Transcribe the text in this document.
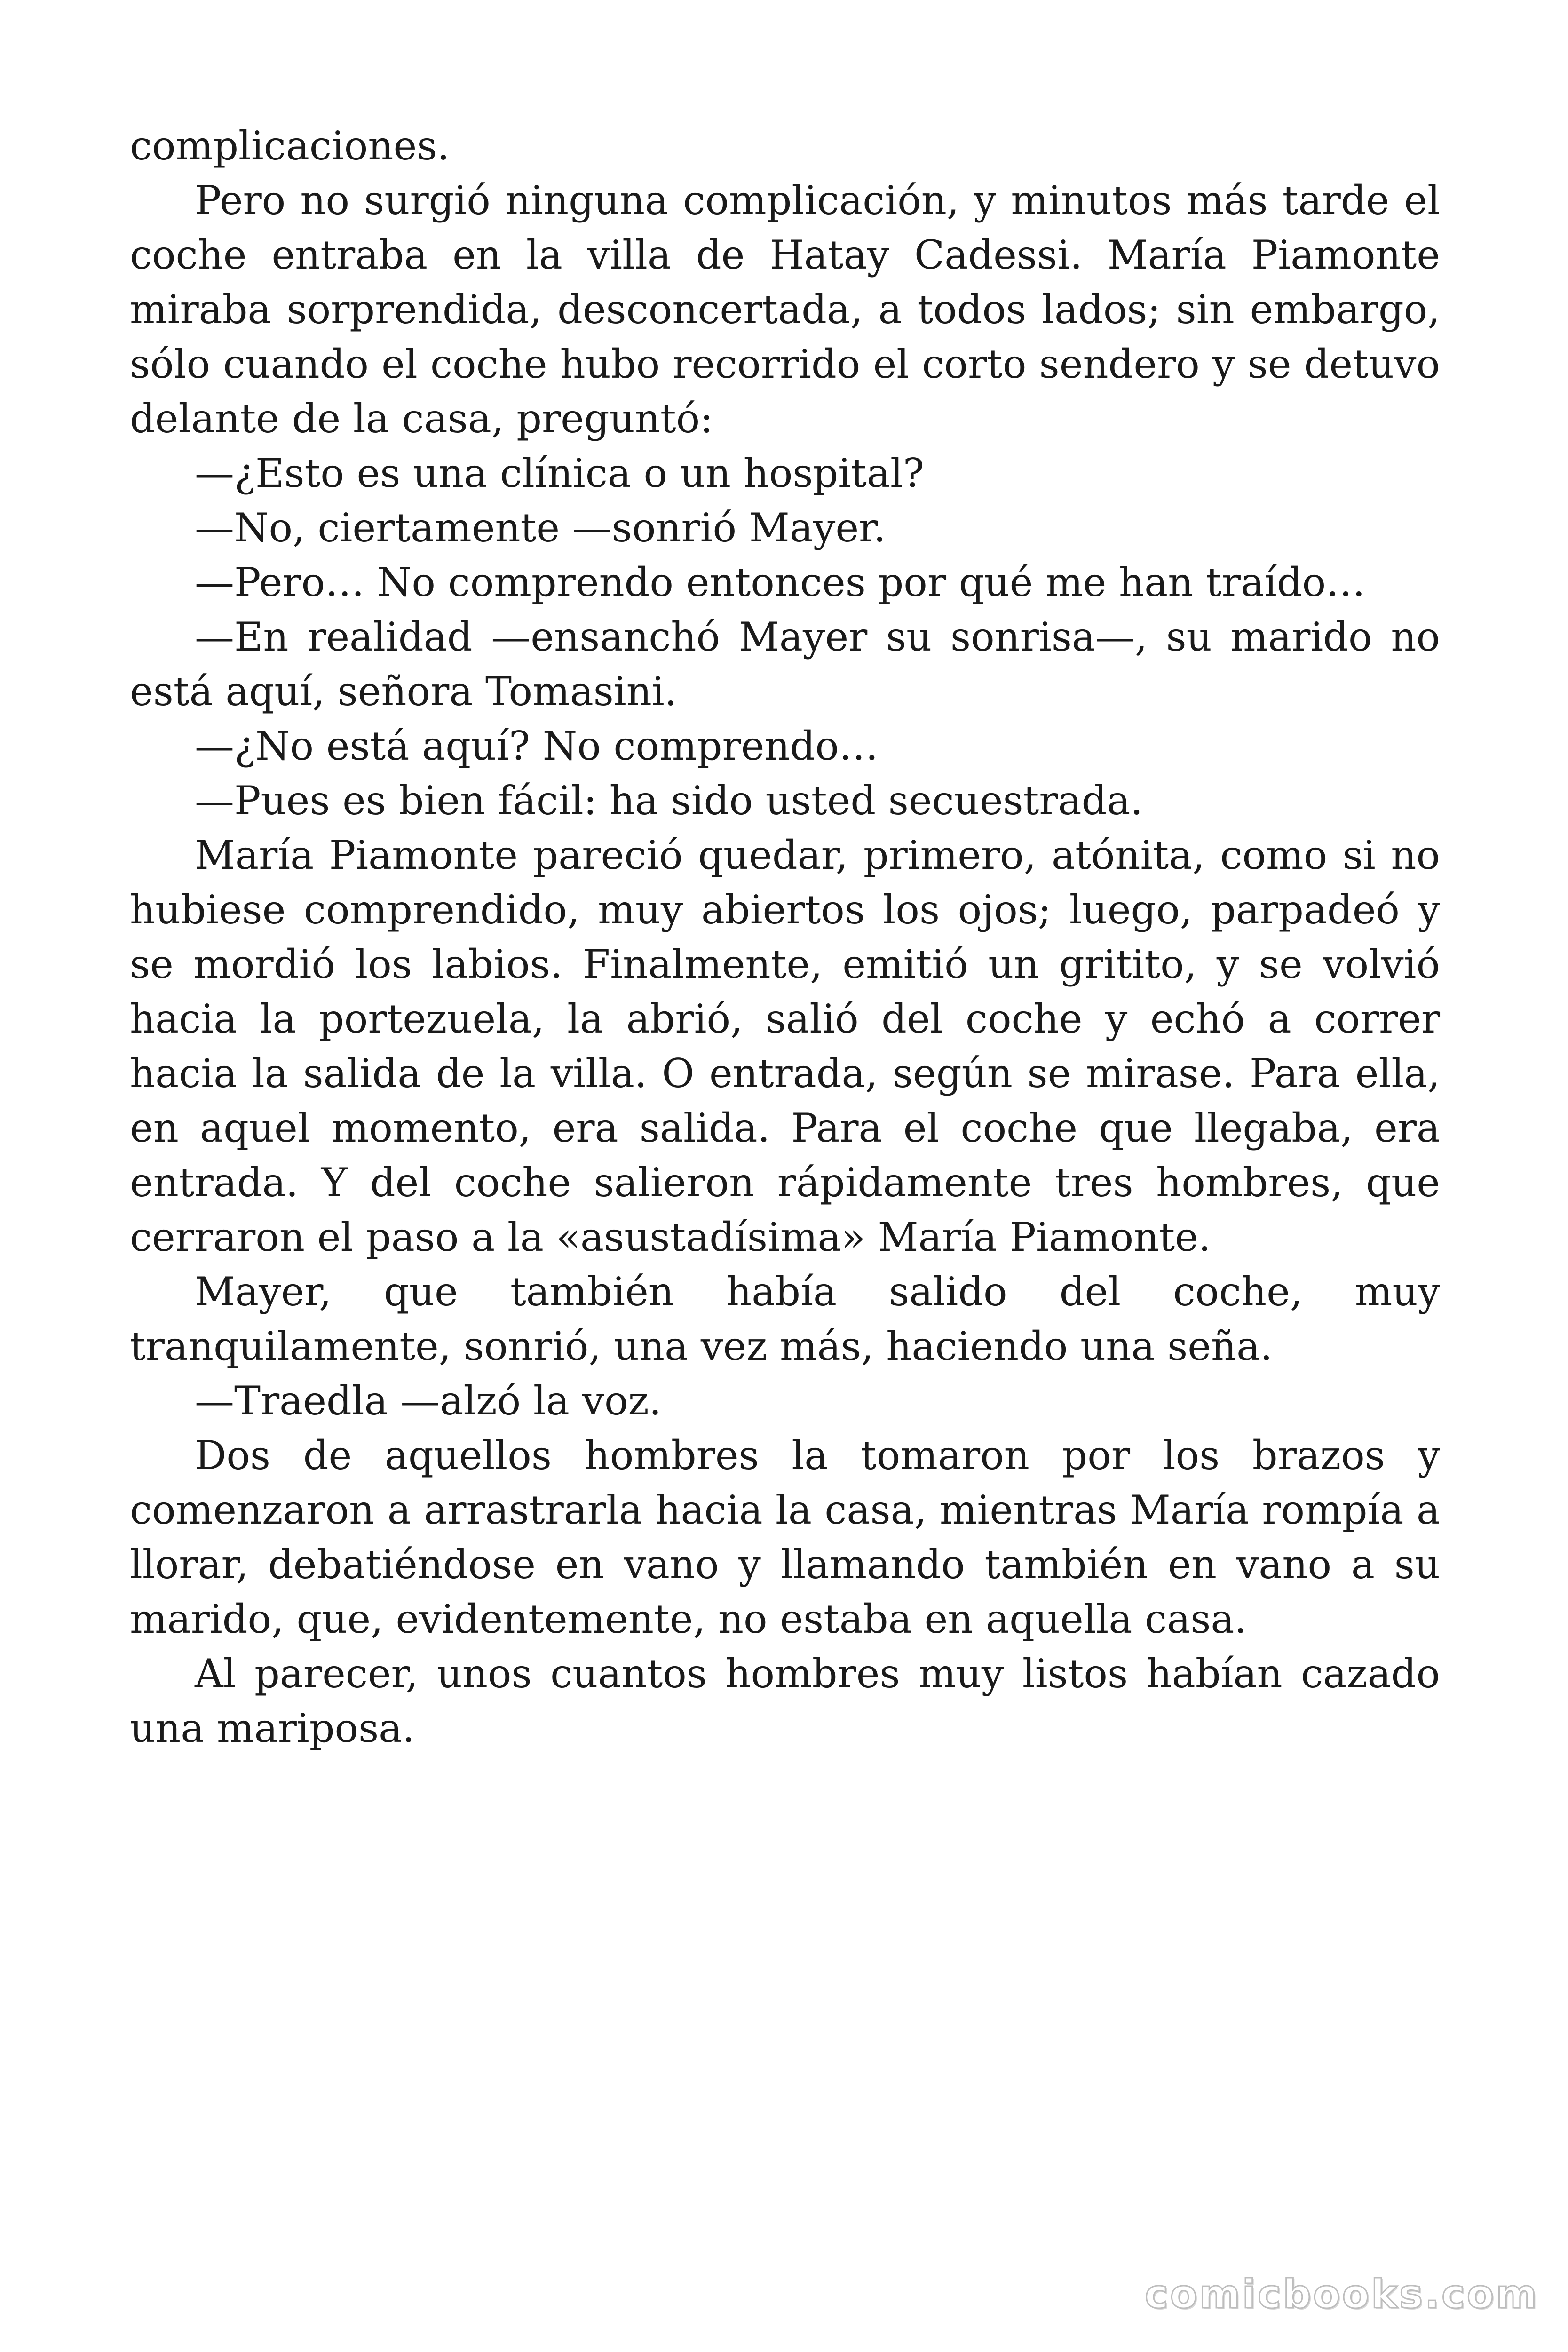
complicaciones.

Pero no surgió ninguna complicación, y minutos más tarde el coche entraba en la villa de Hatay Cadessi. María Piamonte miraba sorprendida, desconcertada, a todos lados; sin embargo, sólo cuando el coche hubo recorrido el corto sendero y se detuvo delante de la casa, preguntó:

—¿Esto es una clínica o un hospital?

—No, ciertamente —sonrió Mayer.

—Pero… No comprendo entonces por qué me han traído…

—En realidad —ensanchó Mayer su sonrisa—, su marido no está aquí, señora Tomasini.

—¿No está aquí? No comprendo…

—Pues es bien fácil: ha sido usted secuestrada.

María Piamonte pareció quedar, primero, atónita, como si no hubiese comprendido, muy abiertos los ojos; luego, parpadeó y se mordió los labios. Finalmente, emitió un gritito, y se volvió hacia la portezuela, la abrió, salió del coche y echó a correr hacia la salida de la villa. O entrada, según se mirase. Para ella, en aquel momento, era salida. Para el coche que llegaba, era entrada. Y del coche salieron rápidamente tres hombres, que cerraron el paso a la «asustadísima» María Piamonte.

Mayer, que también había salido del coche, muy tranquilamente, sonrió, una vez más, haciendo una seña.

—Traedla —alzó la voz.

Dos de aquellos hombres la tomaron por los brazos y comenzaron a arrastrarla hacia la casa, mientras María rompía a llorar, debatiéndose en vano y llamando también en vano a su marido, que, evidentemente, no estaba en aquella casa.

Al parecer, unos cuantos hombres muy listos habían cazado una mariposa.

comicbooks.com
